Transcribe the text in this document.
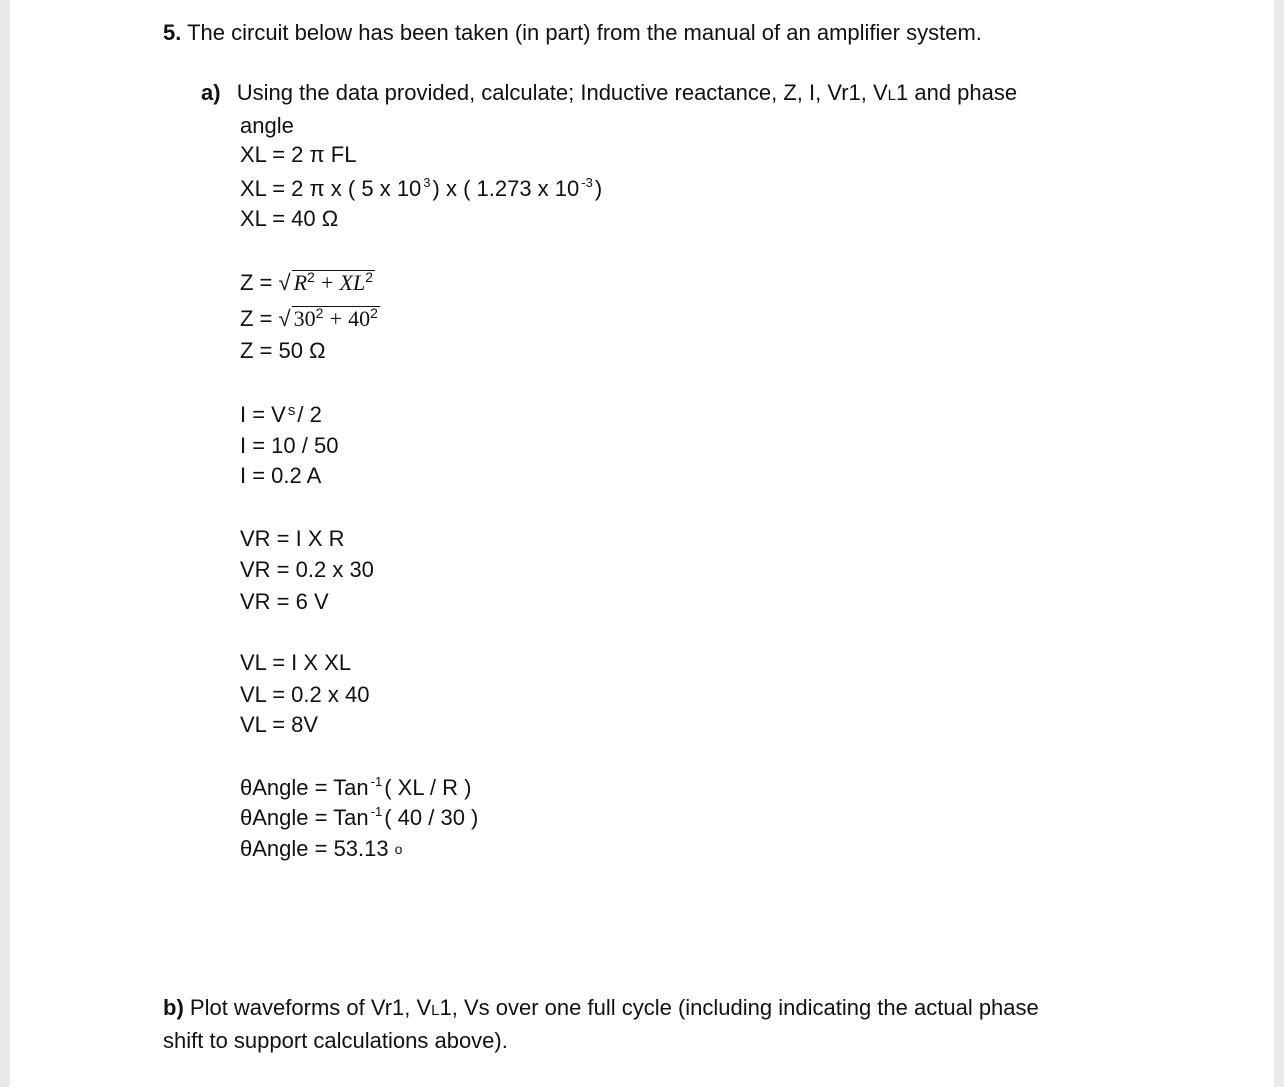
5. The circuit below has been taken (in part) from the manual of an amplifier system.
a) Using the data provided, calculate; Inductive reactance, Z, I, Vr1, VL1 and phase
angle
XL = 2 π FL
XL = 2 π x ( 5 x 10 $^3$) x ( 1.273 x 10 $^{-3}$)
XL = 40 Ω
Z = √ $R^2 + XL^2$
Z = √ $30^2 + 40^2$
Z = 50 Ω
I = V $^s$/ 2
I = 10 / 50
I = 0.2 A
VR = I X R
VR = 0.2 x 30
VR = 6 V
VL = I X XL
VL = 0.2 x 40
VL = 8V
θAngle = Tan $^{-1}$( XL / R )
θAngle = Tan $^{-1}$( 40 / 30 )
θAngle = 53.13 o
b) Plot waveforms of Vr1, VL1, Vs over one full cycle (including indicating the actual phase
shift to support calculations above).
